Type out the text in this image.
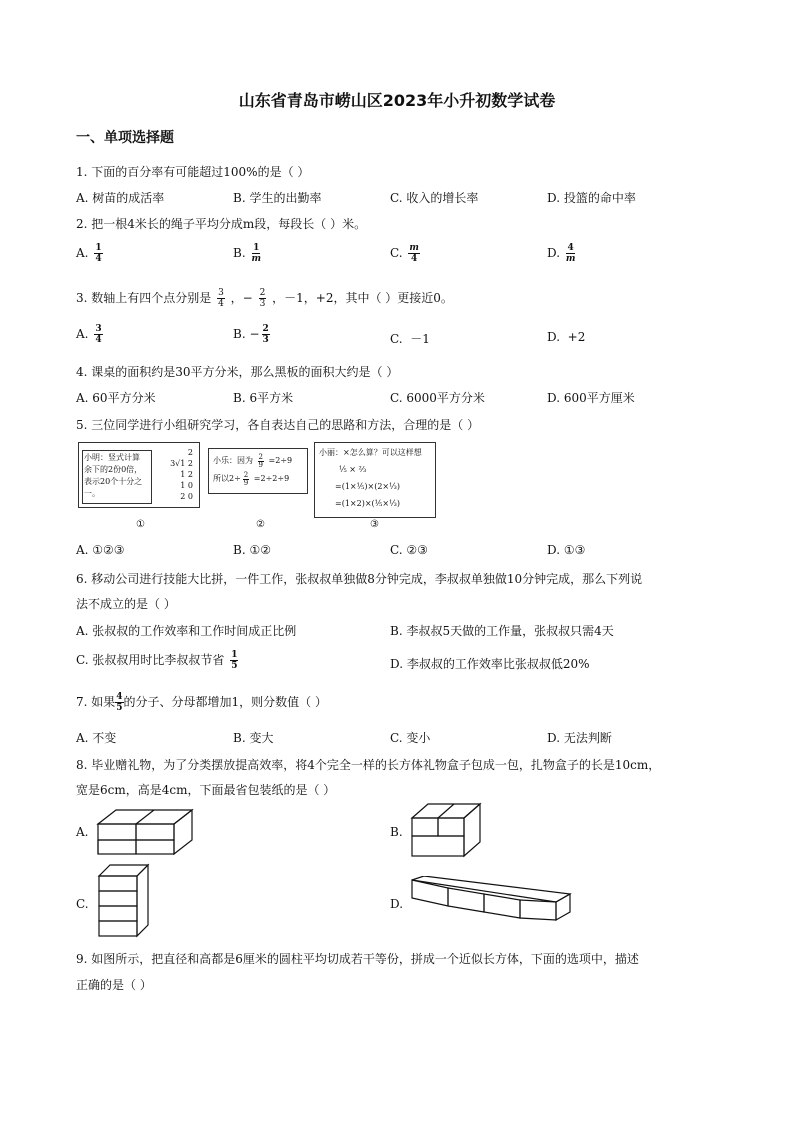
山东省青岛市崂山区2023年小升初数学试卷
一、单项选择题
1. 下面的百分率有可能超过100%的是（ ）
A. 树苗的成活率	B. 学生的出勤率	C. 收入的增长率	D. 投篮的命中率
2. 把一根4米长的绳子平均分成m段，每段长（ ）米。
A. $\frac{1}{4}$	B. $\frac{1}{m}$	C. $\frac{m}{4}$	D. $\frac{4}{m}$
3. 数轴上有四个点分别是 $\frac{3}{4}$ ，− $\frac{2}{3}$ ，－1，+2，其中（ ）更接近0。
A. $\frac{3}{4}$	B. − $\frac{2}{3}$	C. －1	D. +2
4. 课桌的面积约是30平方分米，那么黑板的面积大约是（ ）
A. 60平方分米	B. 6平方米	C. 6000平方分米	D. 600平方厘米
5. 三位同学进行小组研究学习，各自表达自己的思路和方法，合理的是（ ）
小明：竖式计算
余下的2份0倍，
表示20个十分之
一。
2
3√1 2
1 2
1 0
2 0
①
小乐：因为 $\frac{2}{9} =2\div 9$
所以$2\div \frac{2}{9} =2\div 2\div 9$
②
小丽：×怎么算？可以这样想
⅕ × ⅔
=(1×⅕)×(2×⅓)
=(1×2)×(⅕×⅓)
③
A. ①②③	B. ①②	C. ②③	D. ①③
6. 移动公司进行技能大比拼，一件工作，张叔叔单独做8分钟完成，李叔叔单独做10分钟完成，那么下列说
法不成立的是（ ）
A. 张叔叔的工作效率和工作时间成正比例	B. 李叔叔5天做的工作量，张叔叔只需4天
C. 张叔叔用时比李叔叔节省 $\frac{1}{5}$	D. 李叔叔的工作效率比张叔叔低20%
7. 如果 $\frac{4}{5}$ 的分子、分母都增加1，则分数值（ ）
A. 不变	B. 变大	C. 变小	D. 无法判断
8. 毕业赠礼物，为了分类摆放提高效率，将4个完全一样的长方体礼物盒子包成一包，扎物盒子的长是10cm，
宽是6cm，高是4cm，下面最省包装纸的是（ ）
A.	B.
C.	D.
9. 如图所示，把直径和高都是6厘米的圆柱平均切成若干等份，拼成一个近似长方体，下面的选项中，描述
正确的是（ ）
